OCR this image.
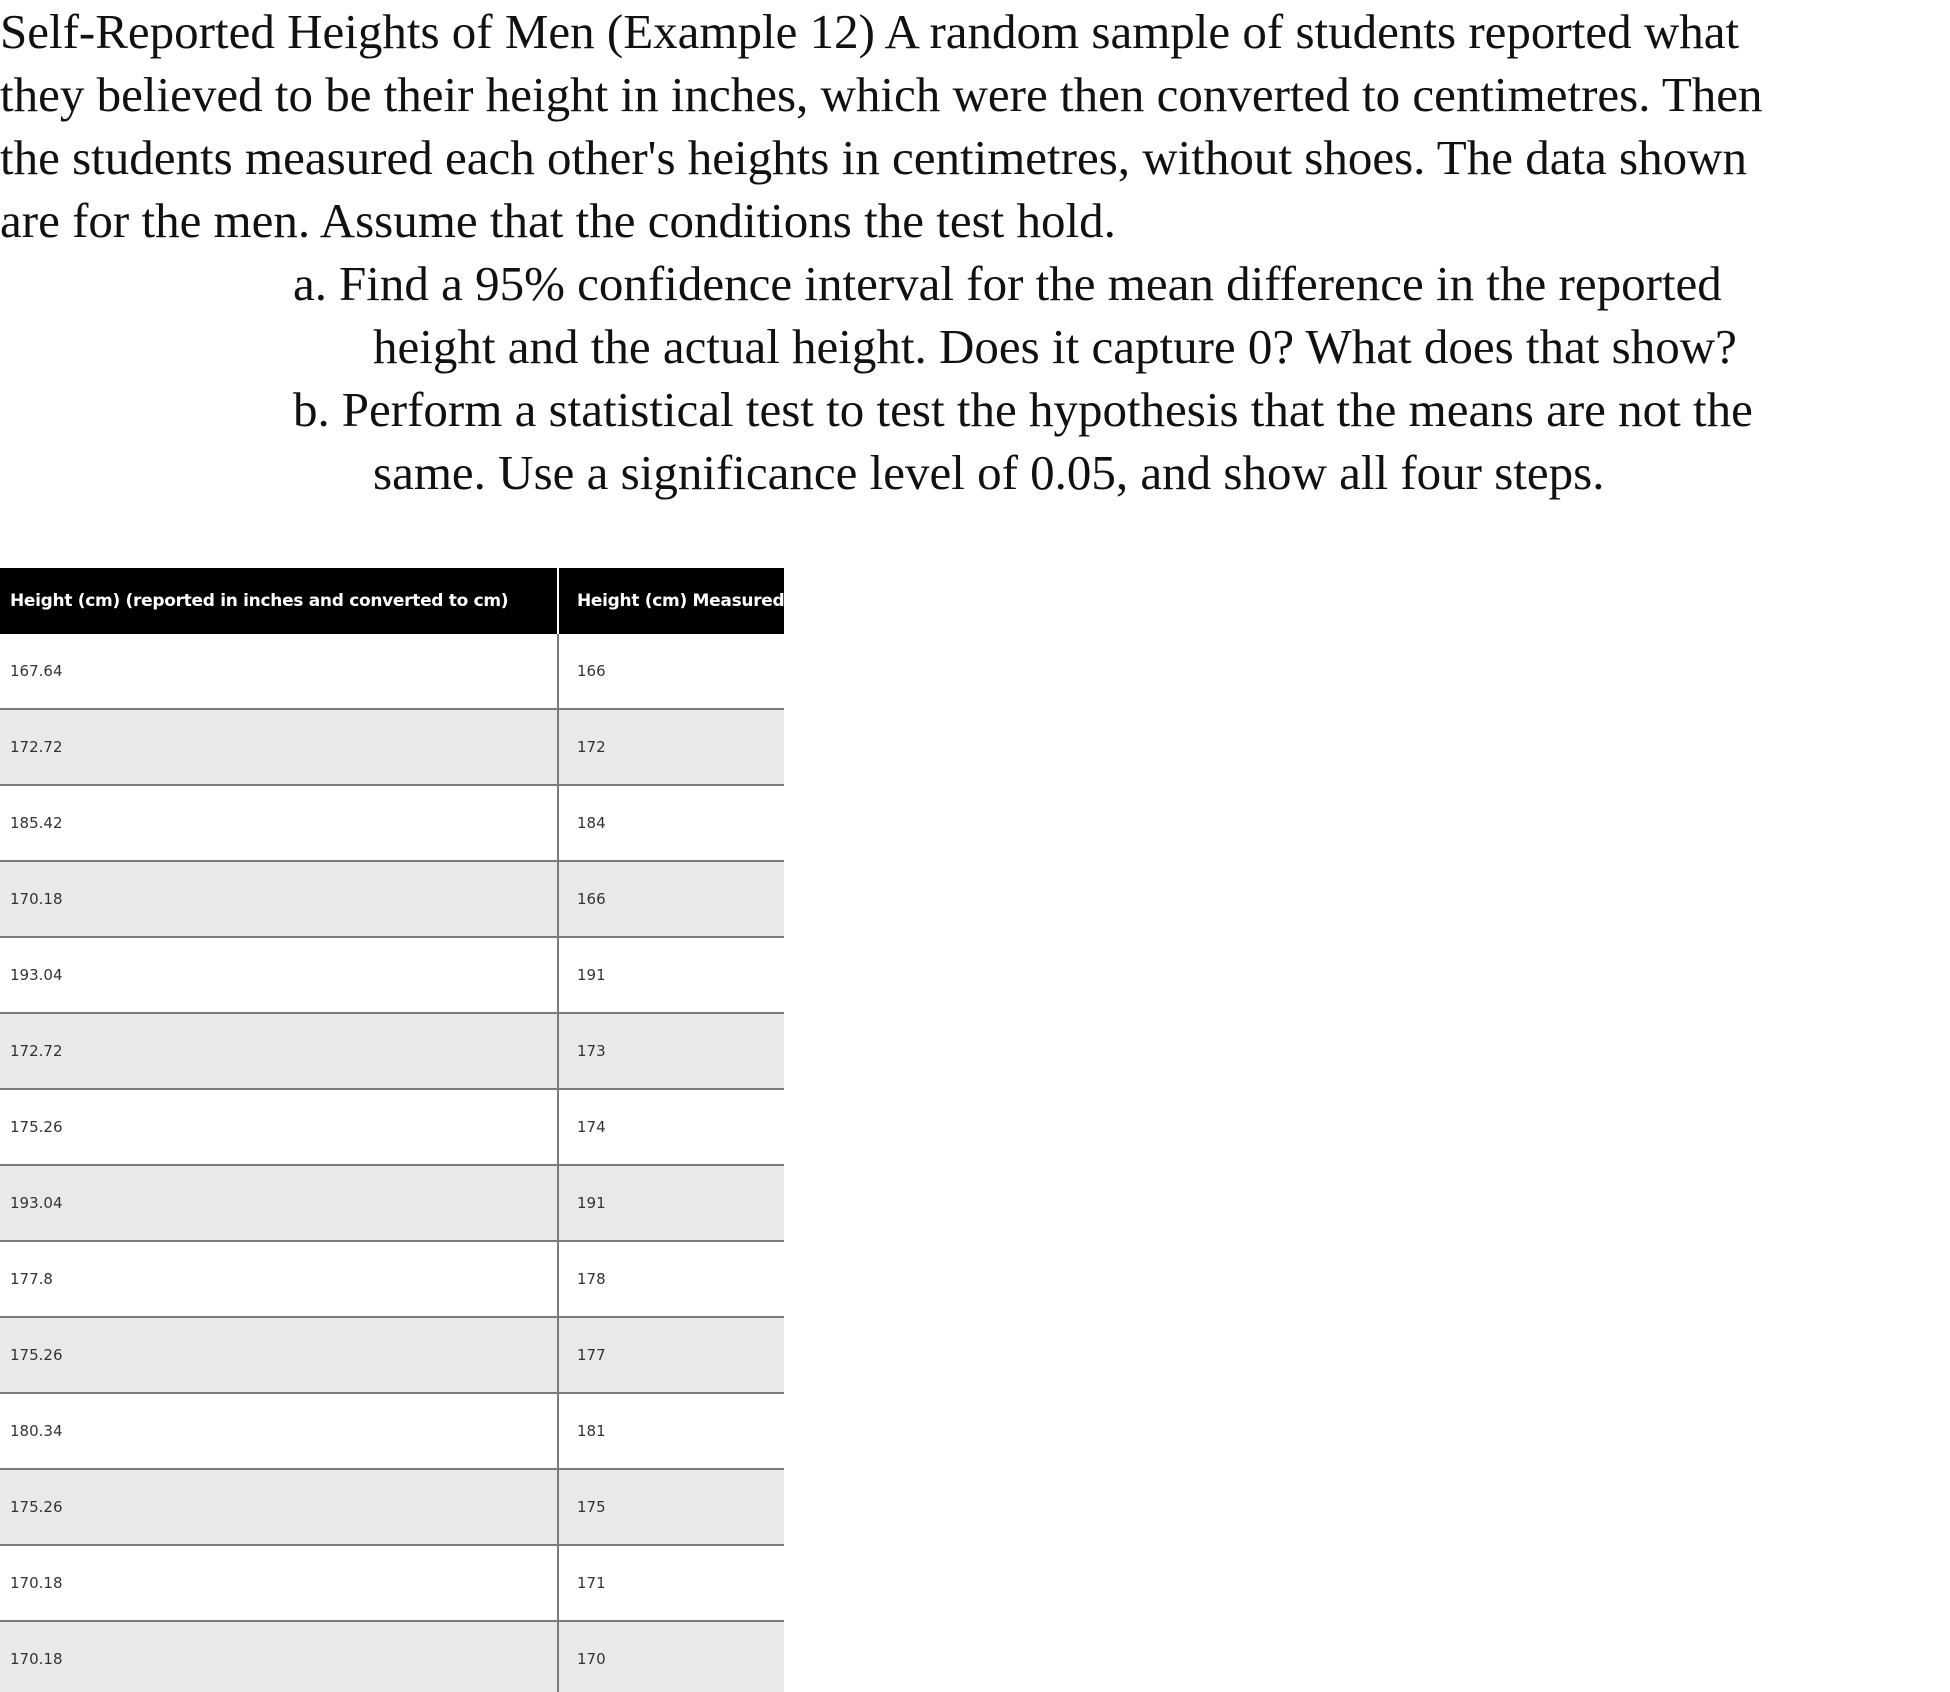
Self-Reported Heights of Men (Example 12) A random sample of students reported what
they believed to be their height in inches, which were then converted to centimetres. Then
the students measured each other's heights in centimetres, without shoes. The data shown
are for the men. Assume that the conditions the test hold.

a. Find a 95% confidence interval for the mean difference in the reported
height and the actual height. Does it capture 0? What does that show?
b. Perform a statistical test to test the hypothesis that the means are not the
same. Use a significance level of 0.05, and show all four steps.
Height (cm) (reported in inches and converted to cm)	Height (cm) Measured
167.64	166
172.72	172
185.42	184
170.18	166
193.04	191
172.72	173
175.26	174
193.04	191
177.8	178
175.26	177
180.34	181
175.26	175
170.18	171
170.18	170
